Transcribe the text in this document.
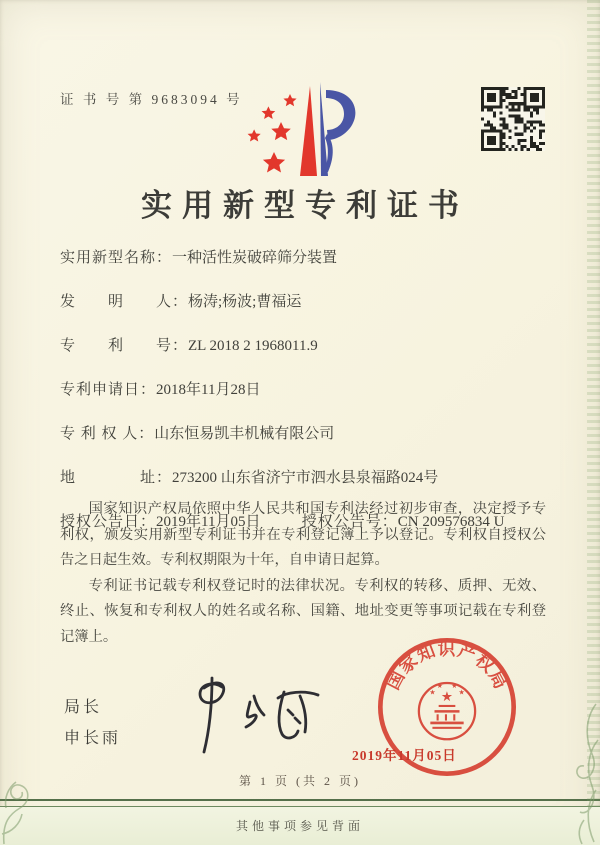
证 书 号 第 9683094 号
实用新型专利证书
实用新型名称：一种活性炭破碎筛分装置
发　　明　　人：杨涛;杨波;曹福运
专　　利　　号：ZL 2018 2 1968011.9
专利申请日：2018年11月28日
专 利 权 人：山东恒易凯丰机械有限公司
地　　　　址：273200 山东省济宁市泗水县泉福路024号
授权公告日：2019年11月05日	授权公告号：CN 209576834 U

国家知识产权局依照中华人民共和国专利法经过初步审查，决定授予专利权，颁发实用新型专利证书并在专利登记簿上予以登记。专利权自授权公告之日起生效。专利权期限为十年，自申请日起算。

专利证书记载专利权登记时的法律状况。专利权的转移、质押、无效、终止、恢复和专利权人的姓名或名称、国籍、地址变更等事项记载在专利登记簿上。

局长
申长雨
国家知识产权局
★
★
★ ★
★
2019年11月05日
第 1 页 (共 2 页)
其他事项参见背面
